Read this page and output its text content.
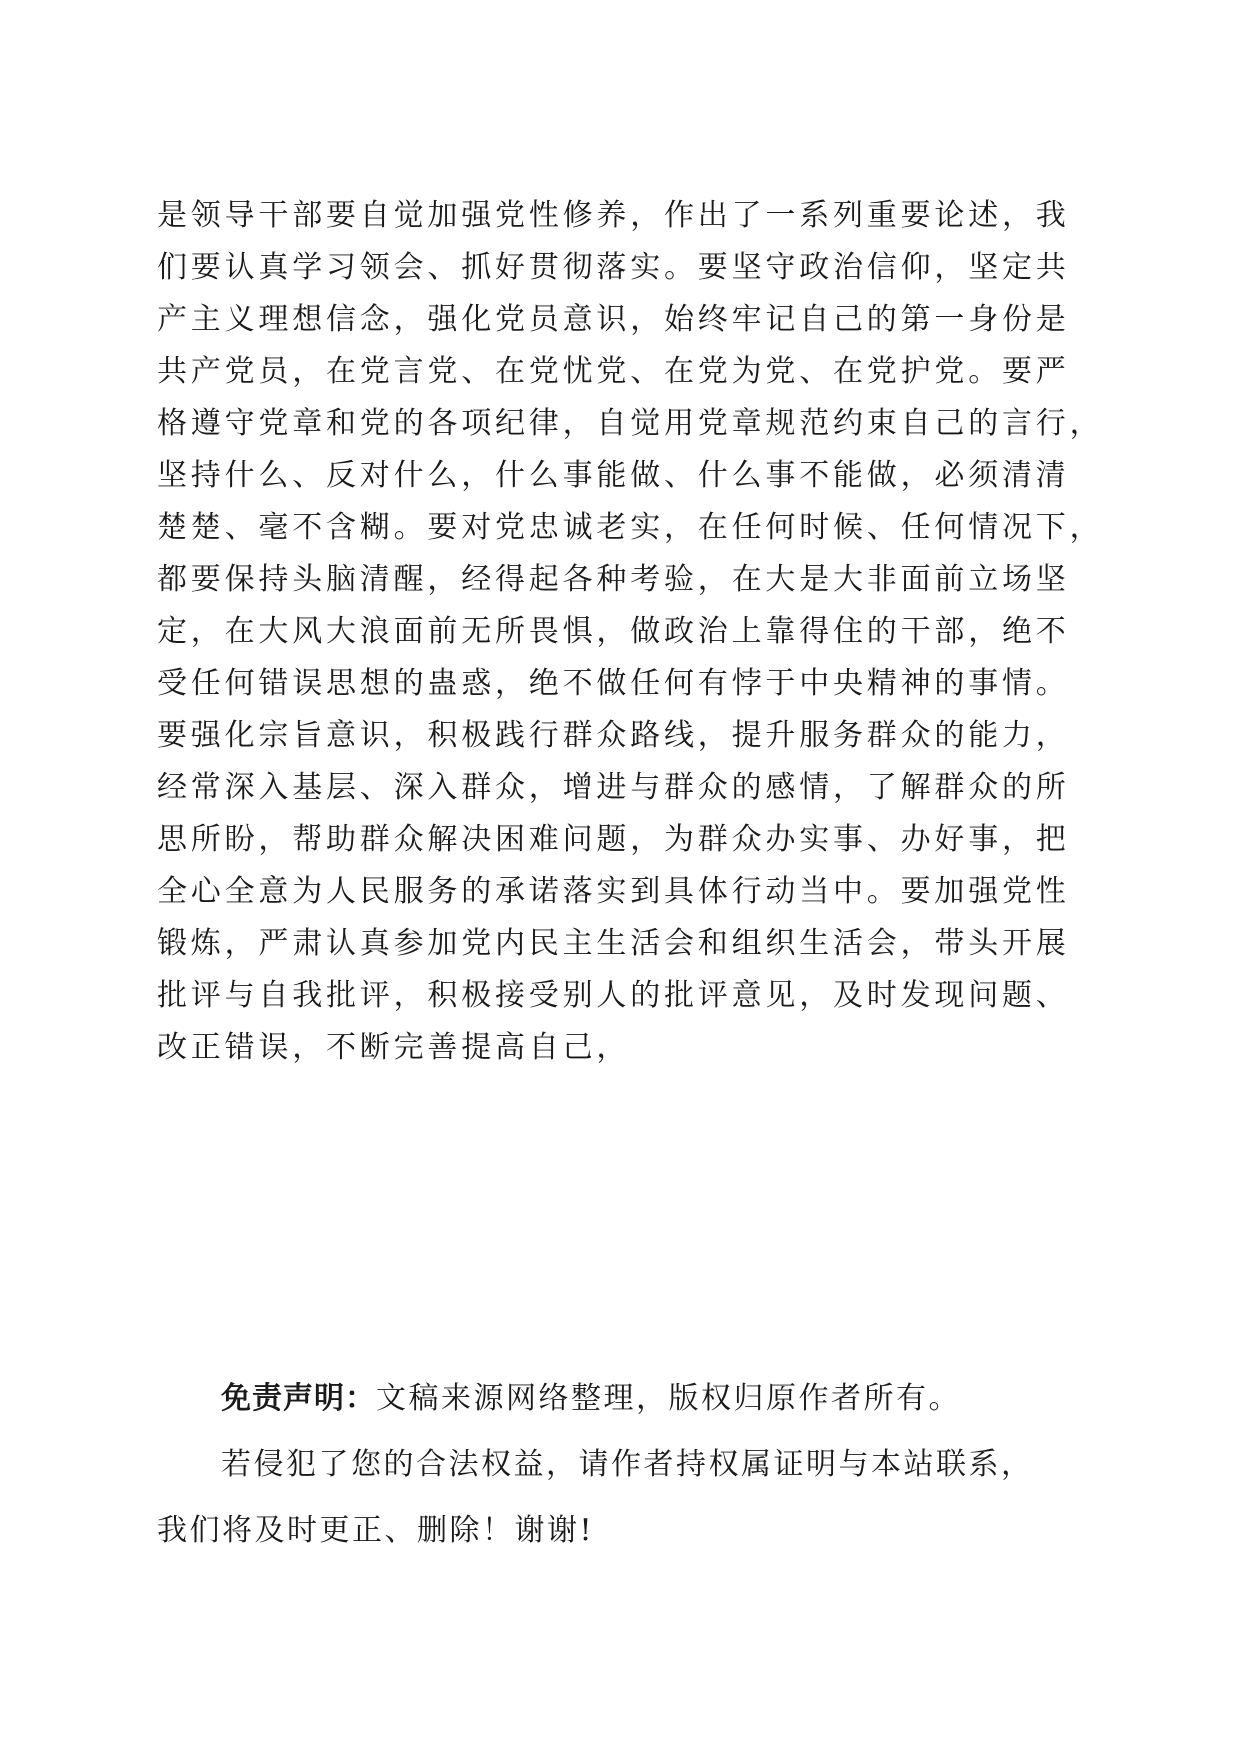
是领导干部要自觉加强党性修养，作出了一系列重要论述，我
们要认真学习领会、抓好贯彻落实。要坚守政治信仰，坚定共
产主义理想信念，强化党员意识，始终牢记自己的第一身份是
共产党员，在党言党、在党忧党、在党为党、在党护党。要严
格遵守党章和党的各项纪律，自觉用党章规范约束自己的言行，
坚持什么、反对什么，什么事能做、什么事不能做，必须清清
楚楚、毫不含糊。要对党忠诚老实，在任何时候、任何情况下，
都要保持头脑清醒，经得起各种考验，在大是大非面前立场坚
定，在大风大浪面前无所畏惧，做政治上靠得住的干部，绝不
受任何错误思想的蛊惑，绝不做任何有悖于中央精神的事情。
要强化宗旨意识，积极践行群众路线，提升服务群众的能力，
经常深入基层、深入群众，增进与群众的感情，了解群众的所
思所盼，帮助群众解决困难问题，为群众办实事、办好事，把
全心全意为人民服务的承诺落实到具体行动当中。要加强党性
锻炼，严肃认真参加党内民主生活会和组织生活会，带头开展
批评与自我批评，积极接受别人的批评意见，及时发现问题、
改正错误，不断完善提高自己，
免责声明：文稿来源网络整理，版权归原作者所有。
若侵犯了您的合法权益，请作者持权属证明与本站联系，
我们将及时更正、删除！谢谢!
